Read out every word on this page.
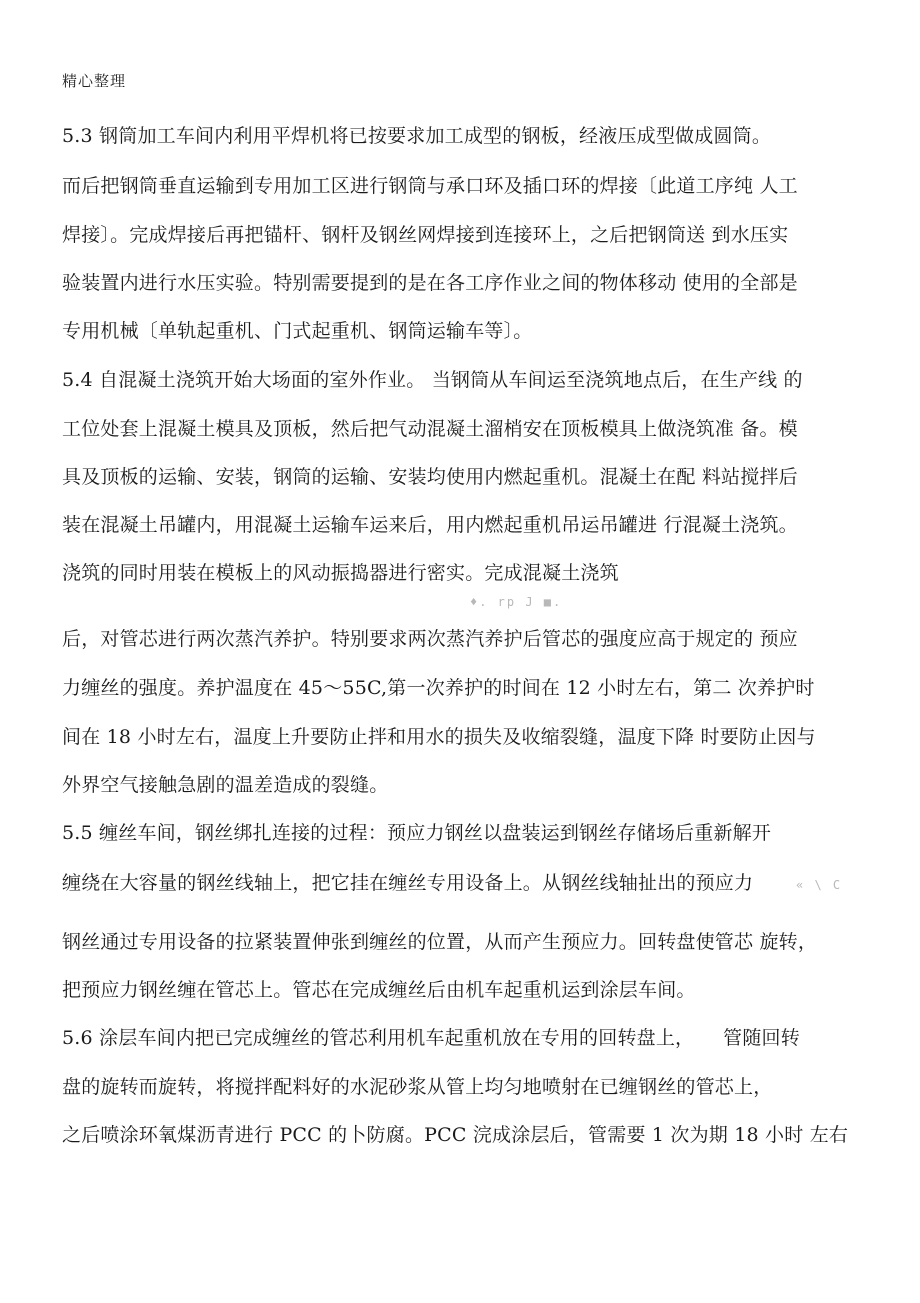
精心整理
5.3 钢筒加工车间内利用平焊机将已按要求加工成型的钢板，经液压成型做成圆筒。
而后把钢筒垂直运输到专用加工区进行钢筒与承口环及插口环的焊接〔此道工序纯 人工
焊接〕。完成焊接后再把锚杆、钢杆及钢丝网焊接到连接环上，之后把钢筒送 到水压实
验装置内进行水压实验。特别需要提到的是在各工序作业之间的物体移动 使用的全部是
专用机械〔单轨起重机、门式起重机、钢筒运输车等〕。
5.4 自混凝土浇筑开始大场面的室外作业。 当钢筒从车间运至浇筑地点后，在生产线 的
工位处套上混凝土模具及顶板，然后把气动混凝土溜梢安在顶板模具上做浇筑准 备。模
具及顶板的运输、安装，钢筒的运输、安装均使用内燃起重机。混凝土在配 料站搅拌后
装在混凝土吊罐内，用混凝土运输车运来后，用内燃起重机吊运吊罐进 行混凝土浇筑。
浇筑的同时用装在模板上的风动振捣器进行密实。完成混凝土浇筑
♦. rp J ■.
后，对管芯进行两次蒸汽养护。特别要求两次蒸汽养护后管芯的强度应高于规定的 预应
力缠丝的强度。养护温度在 45～55C,第一次养护的时间在 12 小时左右，第二 次养护时
间在 18 小时左右，温度上升要防止拌和用水的损失及收缩裂缝，温度下降 时要防止因与
外界空气接触急剧的温差造成的裂缝。
5.5 缠丝车间，钢丝绑扎连接的过程：预应力钢丝以盘装运到钢丝存储场后重新解开
缠绕在大容量的钢丝线轴上，把它挂在缠丝专用设备上。从钢丝线轴扯出的预应力	« \ C
钢丝通过专用设备的拉紧装置伸张到缠丝的位置，从而产生预应力。回转盘使管芯 旋转，
把预应力钢丝缠在管芯上。管芯在完成缠丝后由机车起重机运到涂层车间。
5.6 涂层车间内把已完成缠丝的管芯利用机车起重机放在专用的回转盘上，　　管随回转
盘的旋转而旋转，将搅拌配料好的水泥砂浆从管上均匀地喷射在已缠钢丝的管芯上，
之后喷涂环氧煤沥青进行 PCC 的卜防腐。PCC 浣成涂层后，管需要 1 次为期 18 小时 左右
